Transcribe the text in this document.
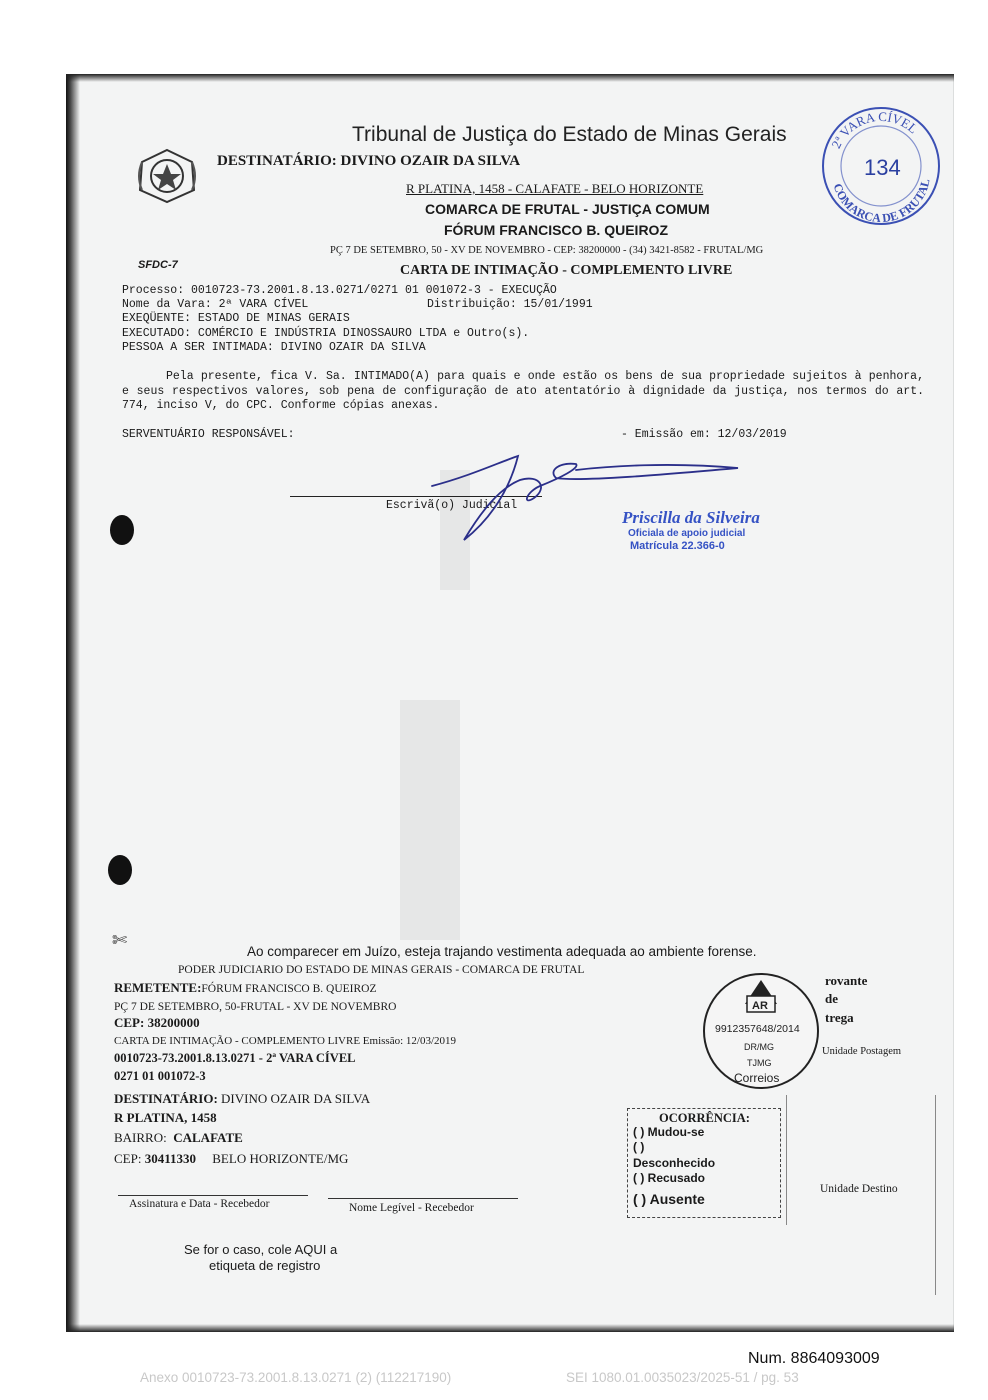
Tribunal de Justiça do Estado de Minas Gerais
DESTINATÁRIO: DIVINO OZAIR DA SILVA
R PLATINA, 1458 - CALAFATE - BELO HORIZONTE
COMARCA DE FRUTAL - JUSTIÇA COMUM
FÓRUM FRANCISCO B. QUEIROZ
PÇ 7 DE SETEMBRO, 50 - XV DE NOVEMBRO - CEP: 38200000 - (34) 3421-8582 - FRUTAL/MG
SFDC-7	CARTA DE INTIMAÇÃO - COMPLEMENTO LIVRE
2ª VARA CÍVEL
COMARCA DE FRUTAL
134
Processo: 0010723-73.2001.8.13.0271/0271 01 001072-3 - EXECUÇÃO
Nome da Vara: 2ª VARA CÍVEL	Distribuição: 15/01/1991
EXEQÜENTE: ESTADO DE MINAS GERAIS
EXECUTADO: COMÉRCIO E INDÚSTRIA DINOSSAURO LTDA e Outro(s).
PESSOA A SER INTIMADA: DIVINO OZAIR DA SILVA
Pela presente, fica V. Sa. INTIMADO(A) para quais e onde estão os bens de sua propriedade sujeitos à penhora, e seus respectivos valores, sob pena de configuração de ato atentatório à dignidade da justiça, nos termos do art. 774, inciso V, do CPC. Conforme cópias anexas.
SERVENTUÁRIO RESPONSÁVEL:	- Emissão em: 12/03/2019
Escrivã(o) Judicial
Priscilla da Silveira
Oficiala de apoio judicial
Matrícula 22.366-0
✄
Ao comparecer em Juízo, esteja trajando vestimenta adequada ao ambiente forense.
PODER JUDICIARIO DO ESTADO DE MINAS GERAIS - COMARCA DE FRUTAL
REMETENTE:FÓRUM FRANCISCO B. QUEIROZ
PÇ 7 DE SETEMBRO, 50-FRUTAL - XV DE NOVEMBRO
CEP: 38200000
CARTA DE INTIMAÇÃO - COMPLEMENTO LIVRE Emissão: 12/03/2019
0010723-73.2001.8.13.0271 - 2ª VARA CÍVEL
0271 01 001072-3
DESTINATÁRIO: DIVINO OZAIR DA SILVA
R PLATINA, 1458
BAIRRO: CALAFATE
CEP: 30411330 BELO HORIZONTE/MG
Assinatura e Data - Recebedor	Nome Legível - Recebedor
Se for o caso, cole AQUI a
etiqueta de registro
AR
9912357648/2014
DR/MG
TJMG
Correios
rovante
de
trega
Unidade Postagem
Unidade Destino
OCORRÊNCIA:
( ) Mudou-se
( )
Desconhecido
( ) Recusado
( ) Ausente
Num. 8864093009
Anexo 0010723-73.2001.8.13.0271 (2) (112217190)	SEI 1080.01.0035023/2025-51 / pg. 53
